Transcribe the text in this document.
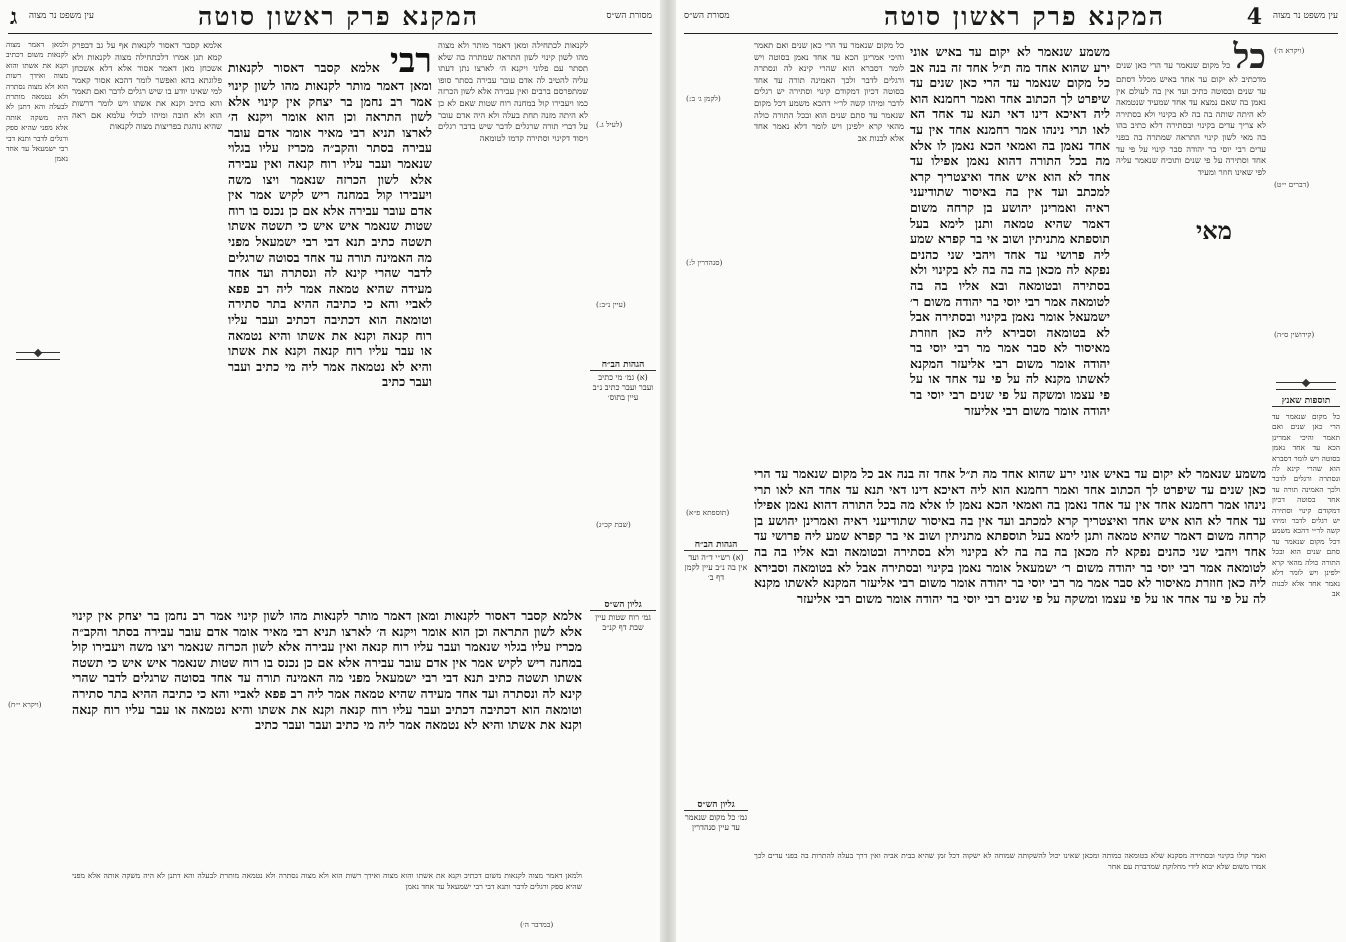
ג עין משפט נר מצוה	המקנא פרק ראשון סוטה	מסורת הש״ס
לקנאות לכתחילה ומאן דאמר מותר ולא מצוה מהו לשון קינוי לשון התראה שמתרה בה שלא תסתר עם פלוני ויקנא ה׳ לארצו נתן דעתו עליה להטיב לה אדם עובר עבירה בסתר סופו שמתפרסם ברבים ואין עבירה אלא לשון הכרזה כמו ויעבירו קול במחנה רוח שטות שאם לא כן לא היתה מזנה תחת בעלה ולא היה אדם עובר על דברי תורה שרגלים לדבר שיש בדבר רגלים ויסוד דקינוי וסתירה קדמו לטומאה
(לעיל ג.)
(עיין נ״ב:)
(שבת קכ״ג)
הגהות הב״ח
(א) גמ׳ מי כתיב ועבר ועבר כתיב נ״ב עיין בתוס׳
גליון הש״ס
גמ׳ רוח שטות עיין שבת דף קנ״ב
רבי אלמא קסבר דאסור לקנאות ומאן דאמר מותר לקנאות מהו לשון קינוי אמר רב נחמן בר יצחק אין קינוי אלא לשון התראה וכן הוא אומר ויקנא ה׳ לארצו תניא רבי מאיר אומר אדם עובר עבירה בסתר והקב״ה מכריז עליו בגלוי שנאמר ועבר עליו רוח קנאה ואין עבירה אלא לשון הכרזה שנאמר ויצו משה ויעבירו קול במחנה ריש לקיש אמר אין אדם עובר עבירה אלא אם כן נכנס בו רוח שטות שנאמר איש איש כי תשטה אשתו תשטה כתיב תנא דבי רבי ישמעאל מפני מה האמינה תורה עד אחד בסוטה שרגלים לדבר שהרי קינא לה ונסתרה ועד אחד מעידה שהיא טמאה אמר ליה רב פפא לאביי והא כי כתיבה ההיא בתר סתירה וטומאה הוא דכתיבה דכתיב ועבר עליו רוח קנאה וקנא את אשתו והיא נטמאה או עבר עליו רוח קנאה וקנא את אשתו והיא לא נטמאה אמר ליה מי כתיב ועבר ועבר כתיב
אלמא קסבר דאסור לקנאות אף על גב דבפרק קמא תנן אמרו דלכתחילה מצוה לקנאות ולא אשכחן מאן דאמר אסור אלא דלא אשכחן פלוגתא בהא ואפשר לומר דהכא אסור קאמר למי שאינו יודע בו שיש רגלים לדבר ואם תאמר והא כתיב וקנא את אשתו ויש לומר דרשות הוא ולא חובה ומיהו לכולי עלמא אם ראה שהיא נוהגת בפריצות מצוה לקנאות
ולמאן דאמר מצוה לקנאות משום דכתיב וקנא את אשתו והוא מצוה ואידך רשות הוא ולא מצוה נסתרה ולא נטמאה מותרת לבעלה והא דתנן לא היה משקה אותה אלא מפני שהיא ספק ורגלים לדבר ותנא דבי רבי ישמעאל עד אחד נאמן
(ויקרא י״ח)
(במדבר ה׳)
אלמא קסבר דאסור לקנאות ומאן דאמר מותר לקנאות מהו לשון קינוי אמר רב נחמן בר יצחק אין קינוי אלא לשון התראה וכן הוא אומר ויקנא ה׳ לארצו תניא רבי מאיר אומר אדם עובר עבירה בסתר והקב״ה מכריז עליו בגלוי שנאמר ועבר עליו רוח קנאה ואין עבירה אלא לשון הכרזה שנאמר ויצו משה ויעבירו קול במחנה ריש לקיש אמר אין אדם עובר עבירה אלא אם כן נכנס בו רוח שטות שנאמר איש איש כי תשטה אשתו תשטה כתיב תנא דבי רבי ישמעאל מפני מה האמינה תורה עד אחד בסוטה שרגלים לדבר שהרי קינא לה ונסתרה ועד אחד מעידה שהיא טמאה אמר ליה רב פפא לאביי והא כי כתיבה ההיא בתר סתירה וטומאה הוא דכתיבה דכתיב ועבר עליו רוח קנאה וקנא את אשתו והיא נטמאה או עבר עליו רוח קנאה וקנא את אשתו והיא לא נטמאה אמר ליה מי כתיב ועבר ועבר כתיב
ולמאן דאמר מצוה לקנאות משום דכתיב וקנא את אשתו והוא מצוה ואידך רשות הוא ולא מצוה נסתרה ולא נטמאה מותרת לבעלה והא דתנן לא היה משקה אותה אלא מפני שהיא ספק ורגלים לדבר ותנא דבי רבי ישמעאל עד אחד נאמן
מסורת הש״ס	המקנא פרק ראשון סוטה	4 עין משפט נר מצוה
(לקמן ג׳ ב:)
(סנהדרין ל:)
(תוספתא פ״א)
הגהות הב״ח
(א) רש״י ד״ה ועד אין בה נ״ב עיין לקמן דף ב׳
גליון הש״ס
גמ׳ כל מקום שנאמר עד עיין סנהדרין
כל מקום שנאמר עד הרי כאן שנים ואם תאמר והיכי אמרינן הכא עד אחד נאמן בסוטה ויש לומר דסברא הוא שהרי קינא לה ונסתרה ורגלים לדבר ולכך האמינה תורה עד אחד בסוטה דכיון דמקודם קינוי וסתירה יש רגלים לדבר ומיהו קשה לר״י דהכא משמע דכל מקום שנאמר עד סתם שנים הוא ובכל התורה כולה מהאי קרא ילפינן ויש לומר דלא נאמר אחד אלא לבנות אב
משמע שנאמר לא יקום עד באיש אוני ירע שהוא אחד מה ת״ל אחד זה בנה אב כל מקום שנאמר עד הרי כאן שנים עד שיפרט לך הכתוב אחד ואמר רחמנא הוא ליה דאיכא דינו דאי תנא עד אחד הא לאו תרי נינהו אמר רחמנא אחד אין עד אחד נאמן בה ואמאי הכא נאמן לו אלא מה בכל התורה דהוא נאמן אפילו עד אחד לא הוא איש אחד ואיצטריך קרא למכתב ועד אין בה באיסור שתודיעני ראיה ואמרינן יהושע בן קרחה משום דאמר שהיא טמאה ותנן לימא בעל תוספתא מתניתין ושוב אי בר קפרא שמע ליה פרושי עד אחד ויהבי שני כהנים נפקא לה מכאן בה בה בה לא בקינוי ולא בסתירה ובטומאה ובא אליו בה בה לטומאה אמר רבי יוסי בר יהודה משום ר׳ ישמעאל אומר נאמן בקינוי ובסתירה אבל לא בטומאה וסבירא ליה כאן חוזרת מאיסור לא סבר אמר מר רבי יוסי בר יהודה אומר משום רבי אליעזר המקנא לאשתו מקנא לה על פי עד אחד או על פי עצמו ומשקה על פי שנים רבי יוסי בר יהודה אומר משום רבי אליעזר
כל כל מקום שנאמר עד הרי כאן שנים מדכתיב לא יקום עד אחד באיש מכלל דסתם עד שנים ובסוטה כתיב ועד אין בה לעולם אין נאמן בה שאם נמצא עד אחד שמעיד שנטמאה לא היתה שותה בה בה לא בקינוי ולא בסתירה לא צריך עדים בקינוי ובסתירה דלא כתיב בהו בה מאי לשון קינוי התראה שמתרה בה בפני עדים רבי יוסי בר יהודה סבר קינוי על פי עד אחד וסתירה על פי שנים ותוכיח שנאמר עליה לפי שאינו חוזר ומעיד
מאי
(ויקרא ה׳)
(דברים י״ט)
(קידושין ס״ה)
תוספות שאנץ
כל מקום שנאמר עד הרי כאן שנים ואם תאמר והיכי אמרינן הכא עד אחד נאמן בסוטה ויש לומר דסברא הוא שהרי קינא לה ונסתרה ורגלים לדבר ולכך האמינה תורה עד אחד בסוטה דכיון דמקודם קינוי וסתירה יש רגלים לדבר ומיהו קשה לר״י דהכא משמע דכל מקום שנאמר עד סתם שנים הוא ובכל התורה כולה מהאי קרא ילפינן ויש לומר דלא נאמר אחד אלא לבנות אב
משמע שנאמר לא יקום עד באיש אוני ירע שהוא אחד מה ת״ל אחד זה בנה אב כל מקום שנאמר עד הרי כאן שנים עד שיפרט לך הכתוב אחד ואמר רחמנא הוא ליה דאיכא דינו דאי תנא עד אחד הא לאו תרי נינהו אמר רחמנא אחד אין עד אחד נאמן בה ואמאי הכא נאמן לו אלא מה בכל התורה דהוא נאמן אפילו עד אחד לא הוא איש אחד ואיצטריך קרא למכתב ועד אין בה באיסור שתודיעני ראיה ואמרינן יהושע בן קרחה משום דאמר שהיא טמאה ותנן לימא בעל תוספתא מתניתין ושוב אי בר קפרא שמע ליה פרושי עד אחד ויהבי שני כהנים נפקא לה מכאן בה בה בה לא בקינוי ולא בסתירה ובטומאה ובא אליו בה בה לטומאה אמר רבי יוסי בר יהודה משום ר׳ ישמעאל אומר נאמן בקינוי ובסתירה אבל לא בטומאה וסבירא ליה כאן חוזרת מאיסור לא סבר אמר מר רבי יוסי בר יהודה אומר משום רבי אליעזר המקנא לאשתו מקנא לה על פי עד אחד או על פי עצמו ומשקה על פי שנים רבי יוסי בר יהודה אומר משום רבי אליעזר
ואמר קולו בקינוי ובסתירה מסקנא שלא בטומאה כמותה ומכאן שאינו יכול להשקותה שמוחה לא ישקוה דכל זמן שהיא בבית אביה ואין דרך בעלה להתרות בה בפני עדים לכך אמרו משום שלא יבוא לידי מחלוקת שמדברת עם אחר
